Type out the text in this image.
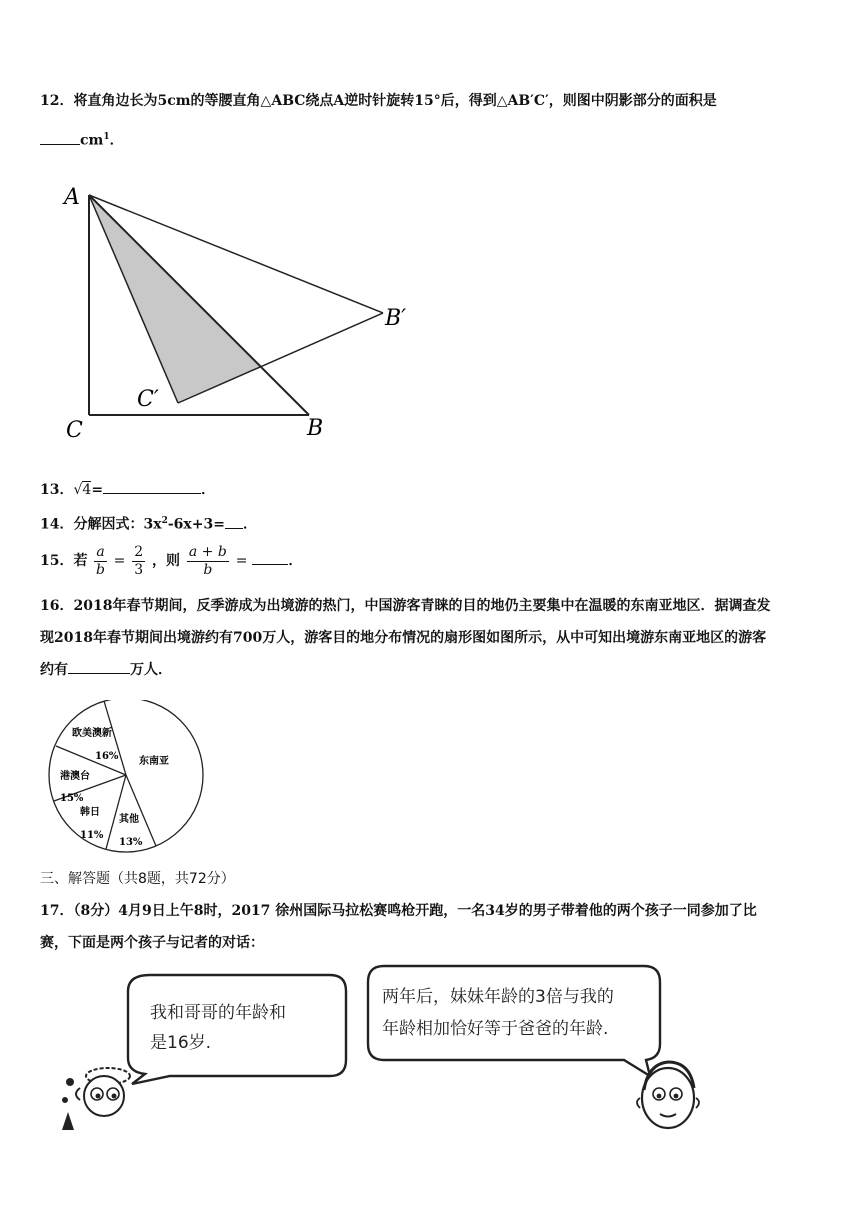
12．将直角边长为5cm的等腰直角△ABC绕点A逆时针旋转15°后，得到△AB′C′，则图中阴影部分的面积是
$cm^1$．
A
C	B
B′
C′
13．√4=	．
14．分解因式：$3x^2-6x+3=$ ．
15．若 $\frac{a}{b} = \frac{2}{3}$ ，则 $\frac{a + b}{b}$ =	．
16．2018年春节期间，反季游成为出境游的热门，中国游客青睐的目的地仍主要集中在温暖的东南亚地区．据调查发
现2018年春节期间出境游约有700万人，游客目的地分布情况的扇形图如图所示，从中可知出境游东南亚地区的游客
约有	万人．
东南亚
其他
13%
韩日
11%
港澳台
15%
欧美澳新
16%
三、解答题（共8题，共72分）
17．（8分）4月9日上午8时，2017 徐州国际马拉松赛鸣枪开跑，一名34岁的男子带着他的两个孩子一同参加了比
赛，下面是两个孩子与记者的对话：
我和哥哥的年龄和
是16岁.
两年后，妹妹年龄的3倍与我的
年龄相加恰好等于爸爸的年龄.
